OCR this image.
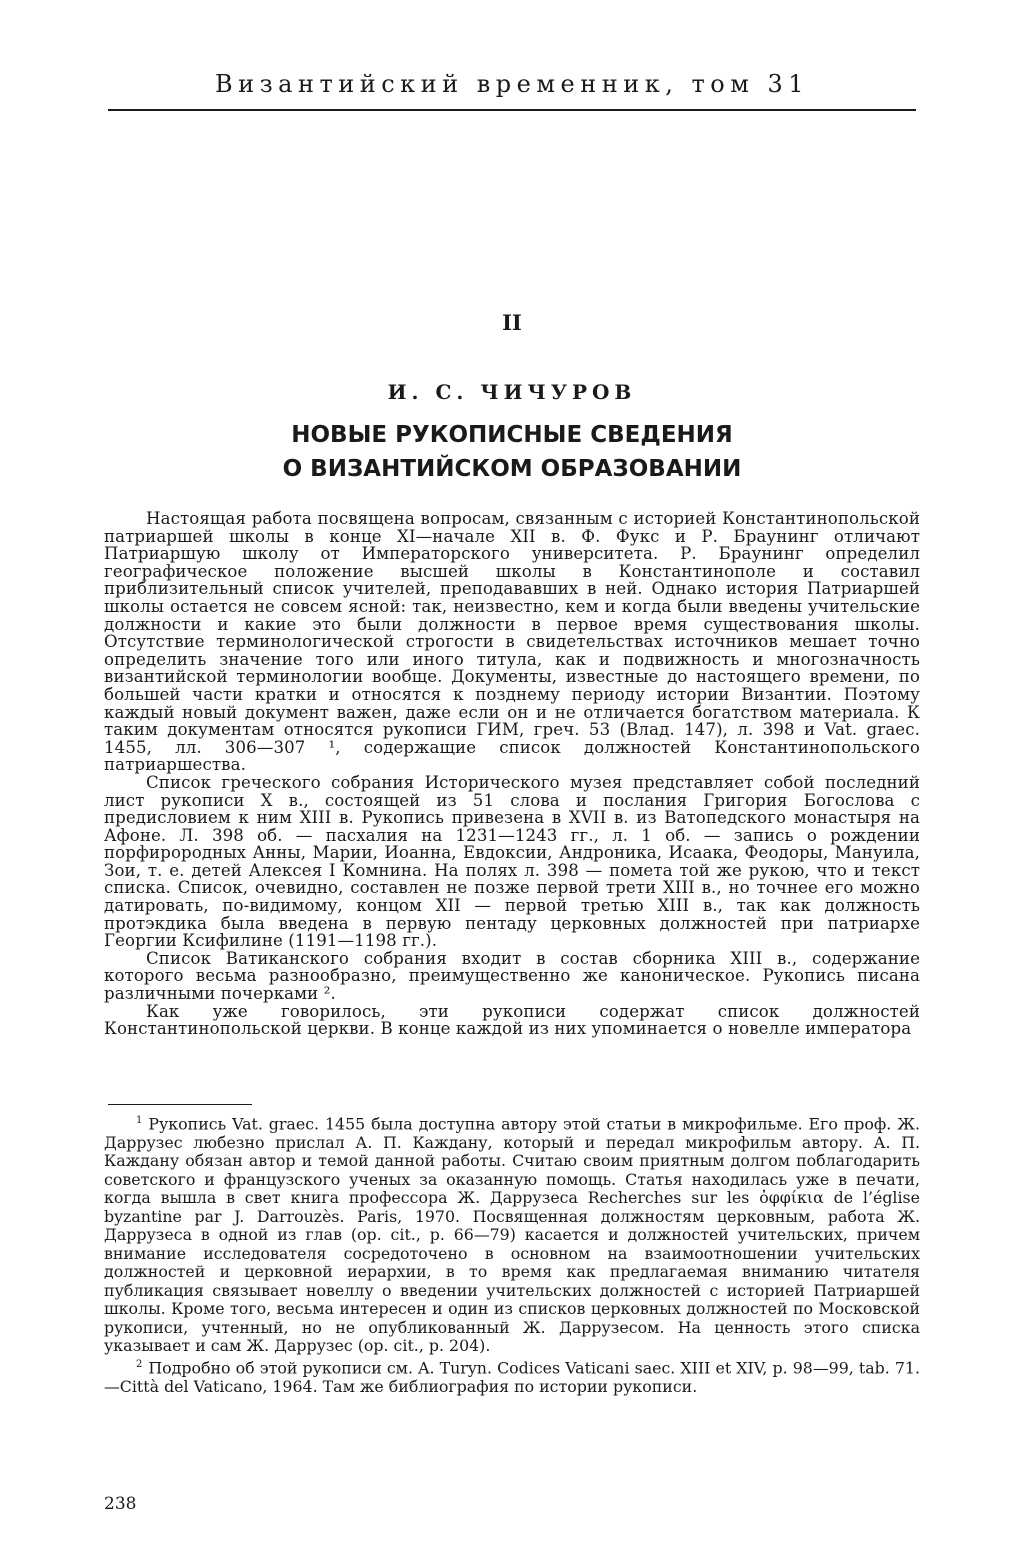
Византийский временник, том 31
II
И. С. ЧИЧУРОВ
НОВЫЕ РУКОПИСНЫЕ СВЕДЕНИЯ
О ВИЗАНТИЙСКОМ ОБРАЗОВАНИИ

Настоящая работа посвящена вопросам, связанным с историей Константинопольской патриаршей школы в конце XI—начале XII в. Ф. Фукс и Р. Браунинг отличают Патриаршую школу от Императорского университета. Р. Браунинг определил географическое положение высшей школы в Константинополе и составил приблизительный список учителей, преподававших в ней. Однако история Патриаршей школы остается не совсем ясной: так, неизвестно, кем и когда были введены учительские должности и какие это были должности в первое время существования школы. Отсутствие терминологической строгости в свидетельствах источников мешает точно определить значение того или иного титула, как и подвижность и многозначность византийской терминологии вообще. Документы, известные до настоящего времени, по большей части кратки и относятся к позднему периоду истории Византии. Поэтому каждый новый документ важен, даже если он и не отличается богатством материала. К таким документам относятся рукописи ГИМ, греч. 53 (Влад. 147), л. 398 и Vat. graec. 1455, лл. 306—307 ¹, содержащие список должностей Константинопольского патриаршества.

Список греческого собрания Исторического музея представляет собой последний лист рукописи X в., состоящей из 51 слова и послания Григория Богослова с предисловием к ним XIII в. Рукопись привезена в XVII в. из Ватопедского монастыря на Афоне. Л. 398 об. — пасхалия на 1231—1243 гг., л. 1 об. — запись о рождении порфирородных Анны, Марии, Иоанна, Евдоксии, Андроника, Исаака, Феодоры, Мануила, Зои, т. е. детей Алексея I Комнина. На полях л. 398 — помета той же рукою, что и текст списка. Список, очевидно, составлен не позже первой трети XIII в., но точнее его можно датировать, по-видимому, концом XII — первой третью XIII в., так как должность протэкдика была введена в первую пентаду церковных должностей при патриархе Георгии Ксифилине (1191—1198 гг.).

Список Ватиканского собрания входит в состав сборника XIII в., содержание которого весьма разнообразно, преимущественно же каноническое. Рукопись писана различными почерками ².

Как уже говорилось, эти рукописи содержат список должностей Константинопольской церкви. В конце каждой из них упоминается о новелле императора

$^1$ Рукопись Vat. graec. 1455 была доступна автору этой статьи в микрофильме. Его проф. Ж. Даррузес любезно прислал А. П. Каждану, который и передал микрофильм автору. А. П. Каждану обязан автор и темой данной работы. Считаю своим приятным долгом поблагодарить советского и французского ученых за оказанную помощь. Статья находилась уже в печати, когда вышла в свет книга профессора Ж. Даррузеса Recherches sur les ὀφφίκια de l’église byzantine par J. Darrouzès. Paris, 1970. Посвященная должностям церковным, работа Ж. Даррузеса в одной из глав (op. cit., p. 66—79) касается и должностей учительских, причем внимание исследователя сосредоточено в основном на взаимоотношении учительских должностей и церковной иерархии, в то время как предлагаемая вниманию читателя публикация связывает новеллу о введении учительских должностей с историей Патриаршей школы. Кроме того, весьма интересен и один из списков церковных должностей по Московской рукописи, учтенный, но не опубликованный Ж. Даррузесом. На ценность этого списка указывает и сам Ж. Даррузес (op. cit., p. 204).

$^2$ Подробно об этой рукописи см. A. Turyn. Codices Vaticani saec. XIII et XIV, p. 98—99, tab. 71.—Città del Vaticano, 1964. Там же библиография по истории рукописи.

238
